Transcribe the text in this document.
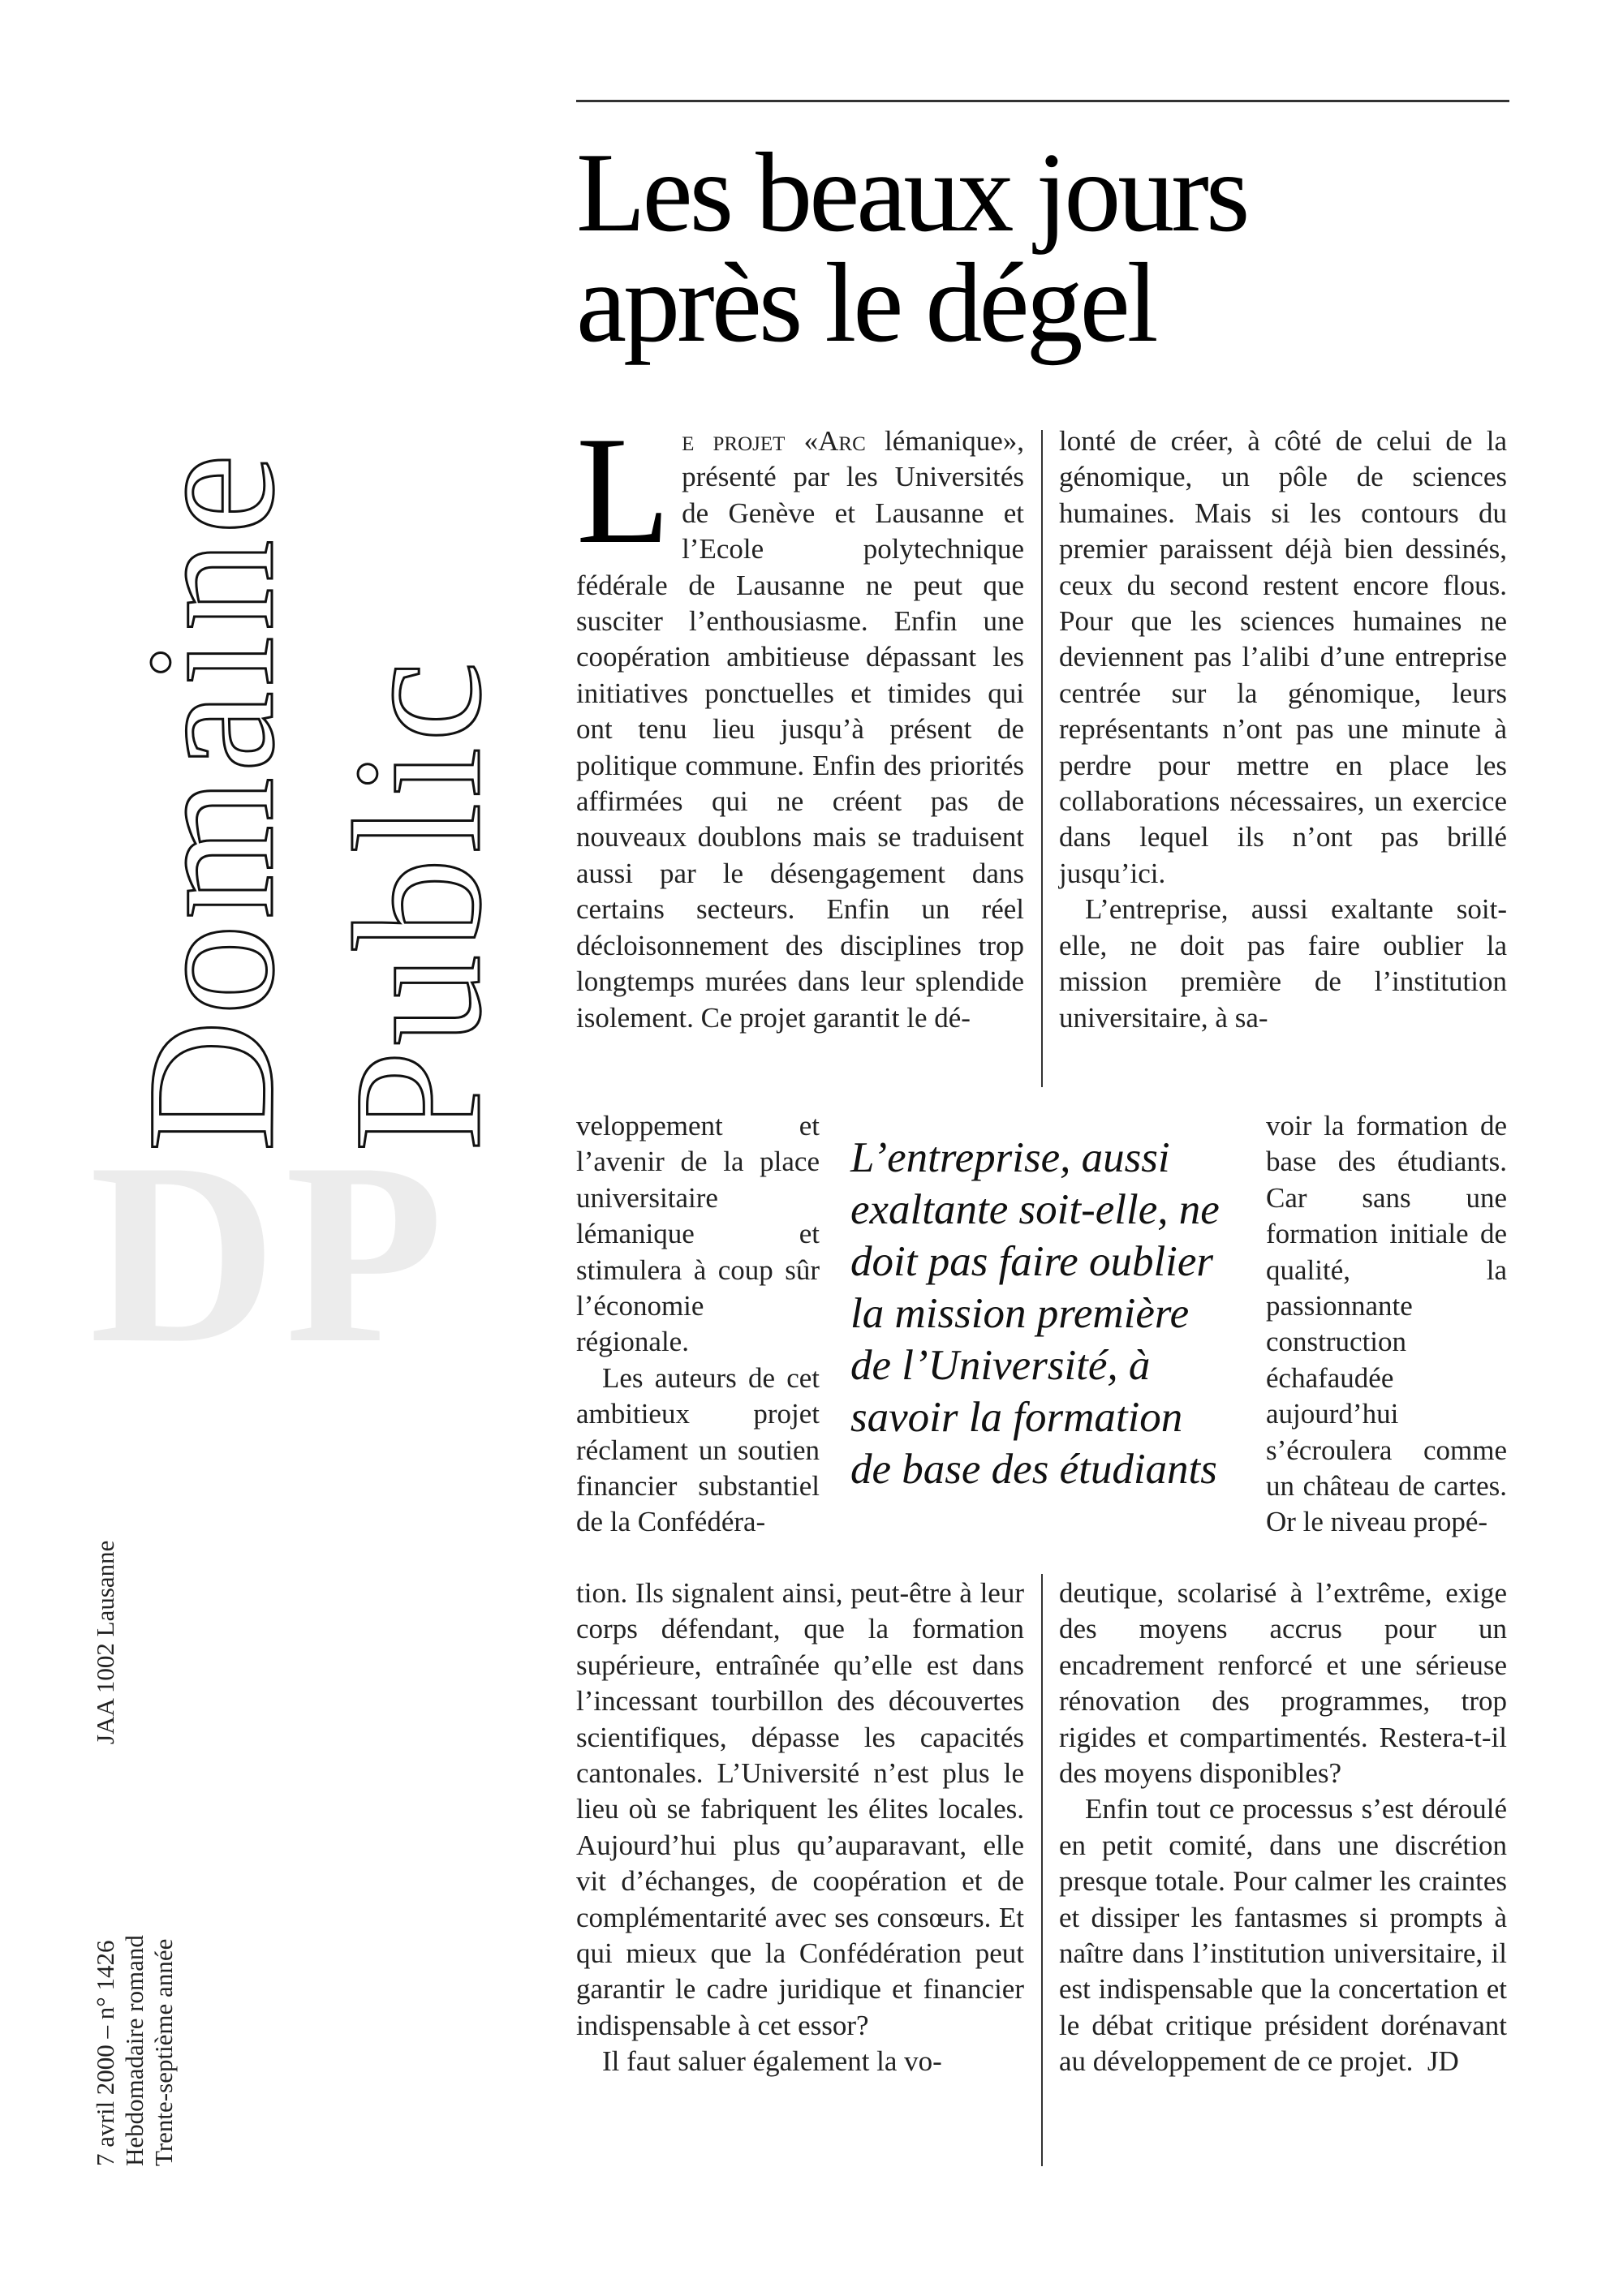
Domaine Public
JAA 1002 Lausanne
7 avril 2000 – n° 1426 Hebdomadaire romand Trente-septième année
DP
Les beaux jours
après le dégel

L e projet «Arc lémanique», présenté par les Universités de Genève et Lausanne et l’Ecole polytechnique fédérale de Lausanne ne peut que susciter l’enthousiasme. Enfin une coopération ambitieuse dépassant les initiatives ponctuelles et timides qui ont tenu lieu jusqu’à présent de politique commune. Enfin des priorités affirmées qui ne créent pas de nouveaux doublons mais se traduisent aussi par le désengagement dans certains secteurs. Enfin un réel décloisonnement des disciplines trop longtemps murées dans leur splendide isolement. Ce projet garantit le dé-

veloppement et l’avenir de la place universitaire lémanique et stimulera à coup sûr l’économie régionale.

Les auteurs de cet ambitieux projet réclament un soutien financier substantiel de la Confédéra-

tion. Ils signalent ainsi, peut-être à leur corps défendant, que la formation supérieure, entraînée qu’elle est dans l’incessant tourbillon des découvertes scientifiques, dépasse les capacités cantonales. L’Université n’est plus le lieu où se fabriquent les élites locales. Aujourd’hui plus qu’auparavant, elle vit d’échanges, de coopération et de complémentarité avec ses consœurs. Et qui mieux que la Confédération peut garantir le cadre juridique et financier indispensable à cet essor?

Il faut saluer également la vo-

L’entreprise, aussi exaltante soit-elle, ne doit pas faire oublier la mission première de l’Université, à savoir la formation de base des étudiants

lonté de créer, à côté de celui de la génomique, un pôle de sciences humaines. Mais si les contours du premier paraissent déjà bien dessinés, ceux du second restent encore flous. Pour que les sciences humaines ne deviennent pas l’alibi d’une entreprise centrée sur la génomique, leurs représentants n’ont pas une minute à perdre pour mettre en place les collaborations nécessaires, un exercice dans lequel ils n’ont pas brillé jusqu’ici.

L’entreprise, aussi exaltante soit-elle, ne doit pas faire oublier la mission première de l’institution universitaire, à sa-

voir la formation de base des étudiants. Car sans une formation initiale de qualité, la passionnante construction échafaudée aujourd’hui s’écroulera comme un château de cartes. Or le niveau propé-

deutique, scolarisé à l’extrême, exige des moyens accrus pour un encadrement renforcé et une sérieuse rénovation des programmes, trop rigides et compartimentés. Restera-t-il des moyens disponibles?

Enfin tout ce processus s’est déroulé en petit comité, dans une discrétion presque totale. Pour calmer les craintes et dissiper les fantasmes si prompts à naître dans l’institution universitaire, il est indispensable que la concertation et le débat critique président dorénavant au développement de ce projet. JD
